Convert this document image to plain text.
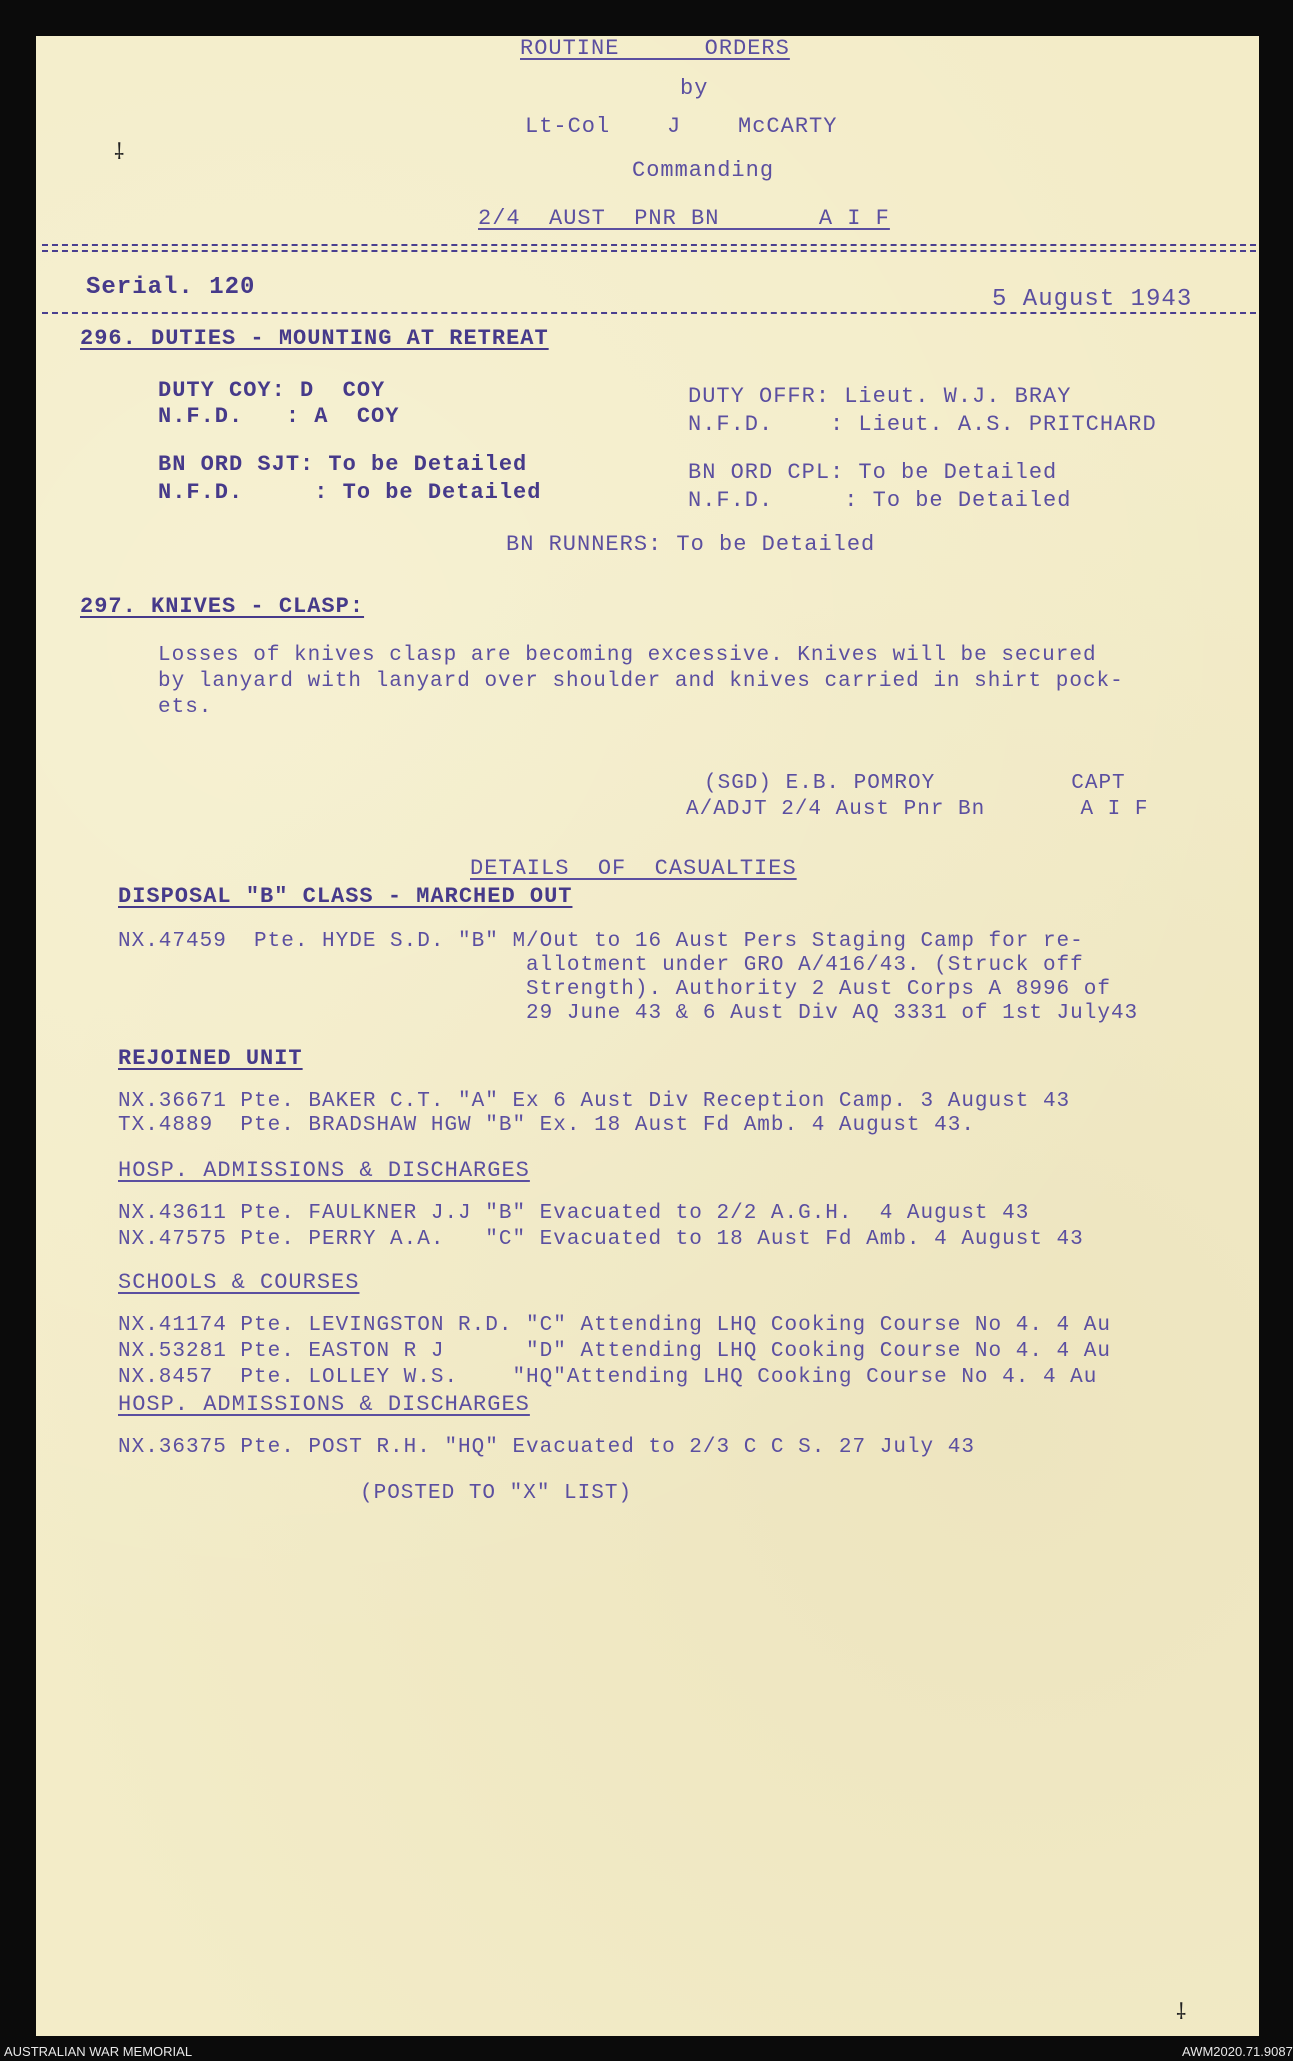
ROUTINE      ORDERS
by
Lt-Col    J    McCARTY
Commanding
2/4  AUST  PNR BN       A I F
Serial. 120	5 August 1943
296. DUTIES - MOUNTING AT RETREAT
DUTY COY: D  COY
N.F.D.   : A  COY
DUTY OFFR: Lieut. W.J. BRAY
N.F.D.    : Lieut. A.S. PRITCHARD
BN ORD SJT: To be Detailed
N.F.D.     : To be Detailed
BN ORD CPL: To be Detailed
N.F.D.     : To be Detailed
BN RUNNERS: To be Detailed
297. KNIVES - CLASP:
Losses of knives clasp are becoming excessive. Knives will be secured
by lanyard with lanyard over shoulder and knives carried in shirt pock-
ets.
(SGD) E.B. POMROY          CAPT
A/ADJT 2/4 Aust Pnr Bn       A I F
DETAILS  OF  CASUALTIES
DISPOSAL "B" CLASS - MARCHED OUT
NX.47459  Pte. HYDE S.D. "B" M/Out to 16 Aust Pers Staging Camp for re-
allotment under GRO A/416/43. (Struck off
Strength). Authority 2 Aust Corps A 8996 of
29 June 43 & 6 Aust Div AQ 3331 of 1st July43
REJOINED UNIT
NX.36671 Pte. BAKER C.T. "A" Ex 6 Aust Div Reception Camp. 3 August 43
TX.4889  Pte. BRADSHAW HGW "B" Ex. 18 Aust Fd Amb. 4 August 43.
HOSP. ADMISSIONS & DISCHARGES
NX.43611 Pte. FAULKNER J.J "B" Evacuated to 2/2 A.G.H.  4 August 43
NX.47575 Pte. PERRY A.A.   "C" Evacuated to 18 Aust Fd Amb. 4 August 43
SCHOOLS & COURSES
NX.41174 Pte. LEVINGSTON R.D. "C" Attending LHQ Cooking Course No 4. 4 Au
NX.53281 Pte. EASTON R J      "D" Attending LHQ Cooking Course No 4. 4 Au
NX.8457  Pte. LOLLEY W.S.    "HQ"Attending LHQ Cooking Course No 4. 4 Au
HOSP. ADMISSIONS & DISCHARGES
NX.36375 Pte. POST R.H. "HQ" Evacuated to 2/3 C C S. 27 July 43
(POSTED TO "X" LIST)
⸸
⸸
AUSTRALIAN WAR MEMORIAL	AWM2020.71.9087
